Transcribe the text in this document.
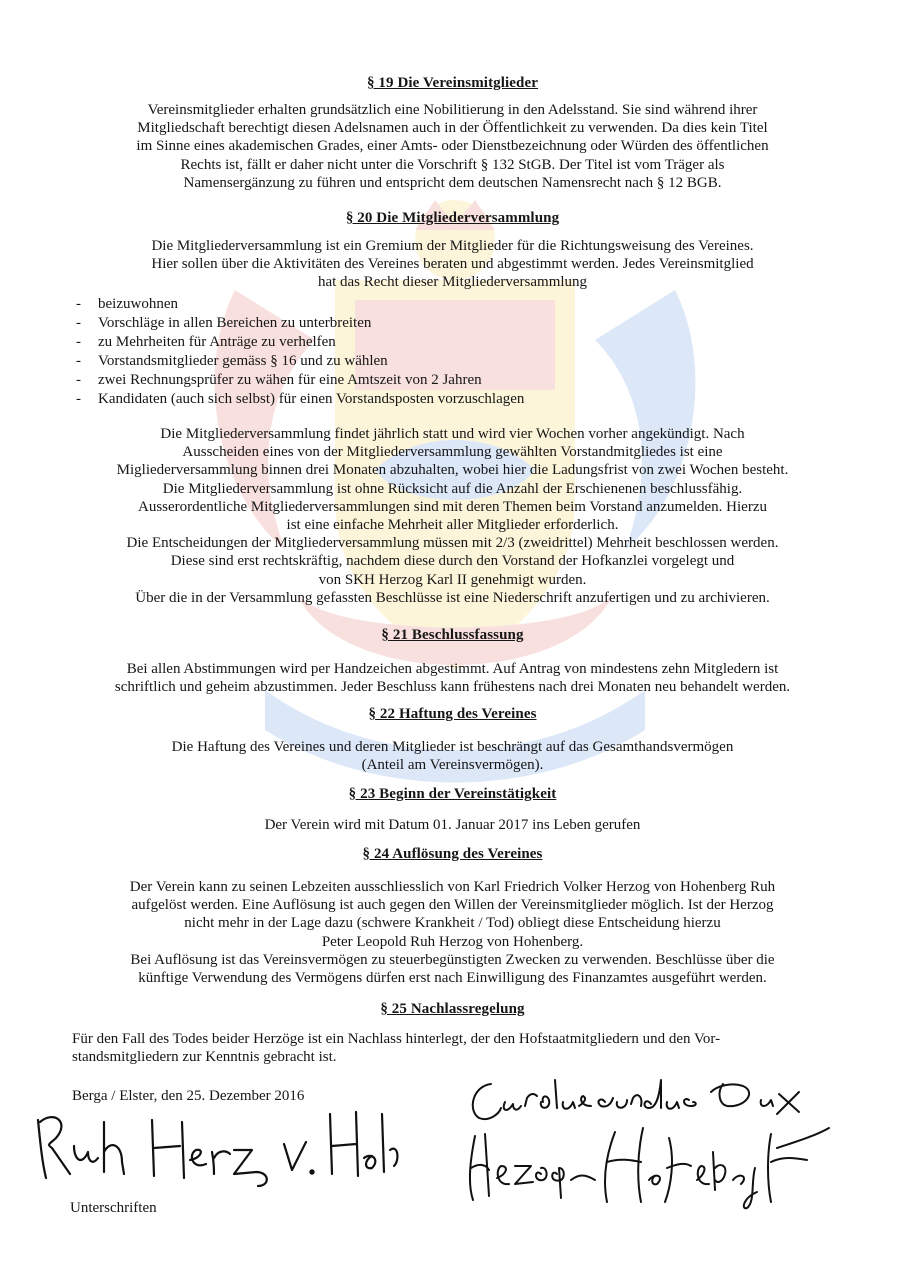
§ 19 Die Vereinsmitglieder
Vereinsmitglieder erhalten grundsätzlich eine Nobilitierung in den Adelsstand. Sie sind während ihrer
Mitgliedschaft berechtigt diesen Adelsnamen auch in der Öffentlichkeit zu verwenden. Da dies kein Titel
im Sinne eines akademischen Grades, einer Amts- oder Dienstbezeichnung oder Würden des öffentlichen
Rechts ist, fällt er daher nicht unter die Vorschrift § 132 StGB. Der Titel ist vom Träger als
Namensergänzung zu führen und entspricht dem deutschen Namensrecht nach § 12 BGB.
§ 20 Die Mitgliederversammlung
Die Mitgliederversammlung ist ein Gremium der Mitglieder für die Richtungsweisung des Vereines.
Hier sollen über die Aktivitäten des Vereines beraten und abgestimmt werden. Jedes Vereinsmitglied
hat das Recht dieser Mitgliederversammlung
- beizuwohnen
- Vorschläge in allen Bereichen zu unterbreiten
- zu Mehrheiten für Anträge zu verhelfen
- Vorstandsmitglieder gemäss § 16 und zu wählen
- zwei Rechnungsprüfer zu wähen für eine Amtszeit von 2 Jahren
- Kandidaten (auch sich selbst) für einen Vorstandsposten vorzuschlagen
Die Mitgliederversammlung findet jährlich statt und wird vier Wochen vorher angekündigt. Nach
Ausscheiden eines von der Mitgliederversammlung gewählten Vorstandmitgliedes ist eine
Migliederversammlung binnen drei Monaten abzuhalten, wobei hier die Ladungsfrist von zwei Wochen besteht.
Die Mitgliederversammlung ist ohne Rücksicht auf die Anzahl der Erschienenen beschlussfähig.
Ausserordentliche Mitgliederversammlungen sind mit deren Themen beim Vorstand anzumelden. Hierzu
ist eine einfache Mehrheit aller Mitglieder erforderlich.
Die Entscheidungen der Mitgliederversammlung müssen mit 2/3 (zweidrittel) Mehrheit beschlossen werden.
Diese sind erst rechtskräftig, nachdem diese durch den Vorstand der Hofkanzlei vorgelegt und
von SKH Herzog Karl II genehmigt wurden.
Über die in der Versammlung gefassten Beschlüsse ist eine Niederschrift anzufertigen und zu archivieren.
§ 21 Beschlussfassung
Bei allen Abstimmungen wird per Handzeichen abgestimmt. Auf Antrag von mindestens zehn Mitgledern ist
schriftlich und geheim abzustimmen. Jeder Beschluss kann frühestens nach drei Monaten neu behandelt werden.
§ 22 Haftung des Vereines
Die Haftung des Vereines und deren Mitglieder ist beschrängt auf das Gesamthandsvermögen
(Anteil am Vereinsvermögen).
§ 23 Beginn der Vereinstätigkeit
Der Verein wird mit Datum 01. Januar 2017 ins Leben gerufen
§ 24 Auflösung des Vereines
Der Verein kann zu seinen Lebzeiten ausschliesslich von Karl Friedrich Volker Herzog von Hohenberg Ruh
aufgelöst werden. Eine Auflösung ist auch gegen den Willen der Vereinsmitglieder möglich. Ist der Herzog
nicht mehr in der Lage dazu (schwere Krankheit / Tod) obliegt diese Entscheidung hierzu
Peter Leopold Ruh Herzog von Hohenberg.
Bei Auflösung ist das Vereinsvermögen zu steuerbegünstigten Zwecken zu verwenden. Beschlüsse über die
künftige Verwendung des Vermögens dürfen erst nach Einwilligung des Finanzamtes ausgeführt werden.
§ 25 Nachlassregelung
Für den Fall des Todes beider Herzöge ist ein Nachlass hinterlegt, der den Hofstaatmitgliedern und den Vor-
standsmitgliedern zur Kenntnis gebracht ist.
Berga / Elster, den 25. Dezember 2016
Unterschriften
